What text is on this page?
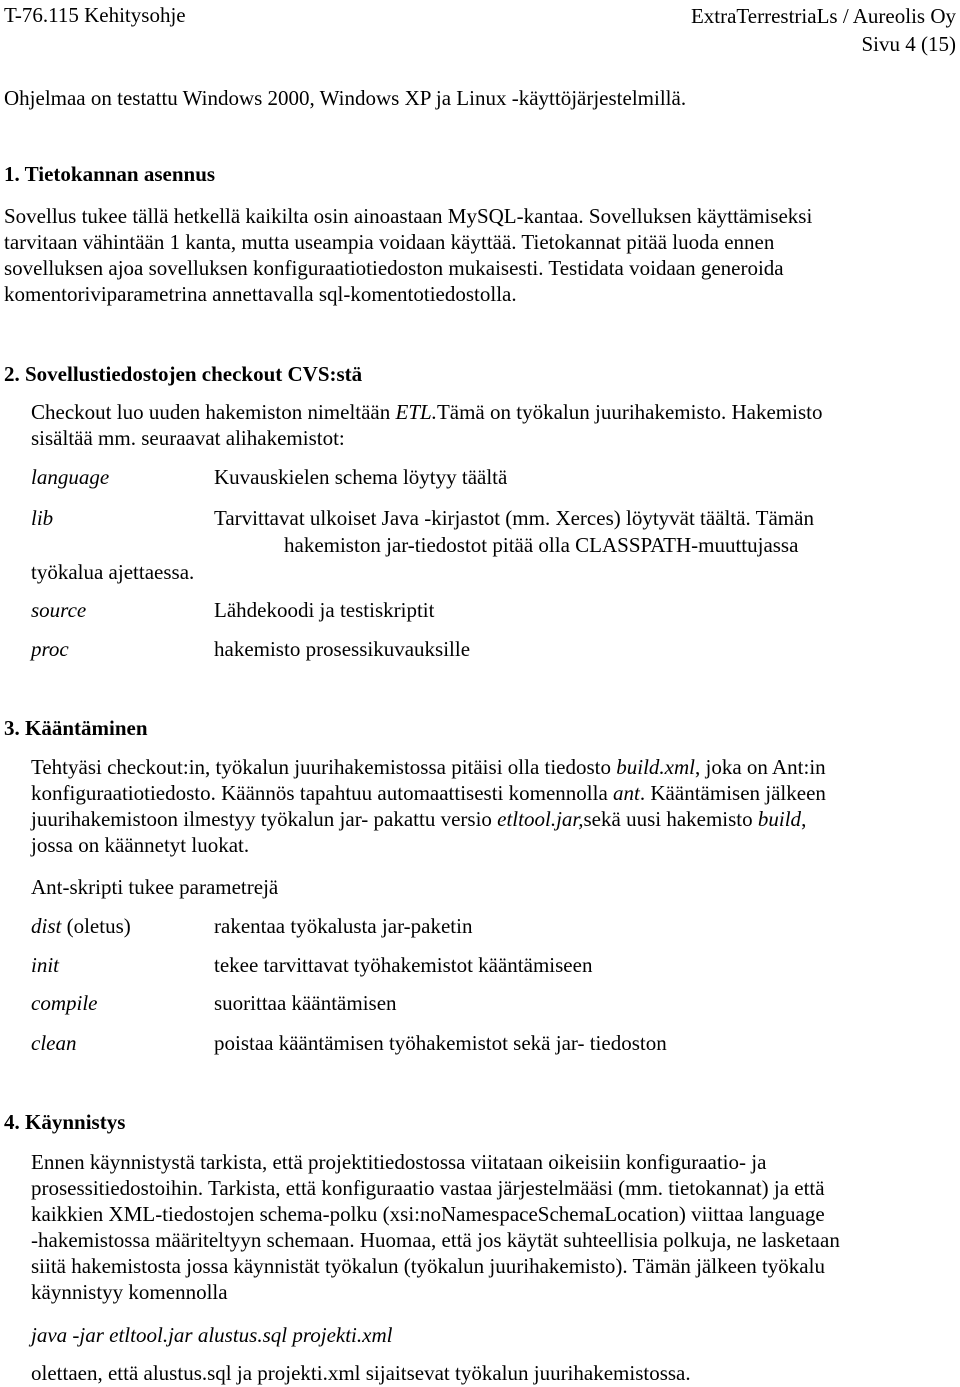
T-76.115 Kehitysohje	ExtraTerrestriaLs / Aureolis Oy
Sivu 4 (15)

Ohjelmaa on testattu Windows 2000, Windows XP ja Linux -käyttöjärjestelmillä.

1. Tietokannan asennus

Sovellus tukee tällä hetkellä kaikilta osin ainoastaan MySQL-kantaa. Sovelluksen käyttämiseksi

tarvitaan vähintään 1 kanta, mutta useampia voidaan käyttää. Tietokannat pitää luoda ennen

sovelluksen ajoa sovelluksen konfiguraatiotiedoston mukaisesti. Testidata voidaan generoida

komentoriviparametrina annettavalla sql-komentotiedostolla.

2. Sovellustiedostojen checkout CVS:stä

Checkout luo uuden hakemiston nimeltään ETL.Tämä on työkalun juurihakemisto. Hakemisto

sisältää mm. seuraavat alihakemistot:

language	Kuvauskielen schema löytyy täältä
lib	Tarvittavat ulkoiset Java -kirjastot (mm. Xerces) löytyvät täältä. Tämän
hakemiston jar-tiedostot pitää olla CLASSPATH-muuttujassa
työkalua ajettaessa.
source	Lähdekoodi ja testiskriptit
proc	hakemisto prosessikuvauksille
3. Kääntäminen

Tehtyäsi checkout:in, työkalun juurihakemistossa pitäisi olla tiedosto build.xml, joka on Ant:in

konfiguraatiotiedosto. Käännös tapahtuu automaattisesti komennolla ant. Kääntämisen jälkeen

juurihakemistoon ilmestyy työkalun jar- pakattu versio etltool.jar,sekä uusi hakemisto build,

jossa on käännetyt luokat.

Ant-skripti tukee parametrejä

dist (oletus)	rakentaa työkalusta jar-paketin
init	tekee tarvittavat työhakemistot kääntämiseen
compile	suorittaa kääntämisen
clean	poistaa kääntämisen työhakemistot sekä jar- tiedoston
4. Käynnistys

Ennen käynnistystä tarkista, että projektitiedostossa viitataan oikeisiin konfiguraatio- ja

prosessitiedostoihin. Tarkista, että konfiguraatio vastaa järjestelmääsi (mm. tietokannat) ja että

kaikkien XML-tiedostojen schema-polku (xsi:noNamespaceSchemaLocation) viittaa language

-hakemistossa määriteltyyn schemaan. Huomaa, että jos käytät suhteellisia polkuja, ne lasketaan

siitä hakemistosta jossa käynnistät työkalun (työkalun juurihakemisto). Tämän jälkeen työkalu

käynnistyy komennolla

java -jar etltool.jar alustus.sql projekti.xml

olettaen, että alustus.sql ja projekti.xml sijaitsevat työkalun juurihakemistossa.
